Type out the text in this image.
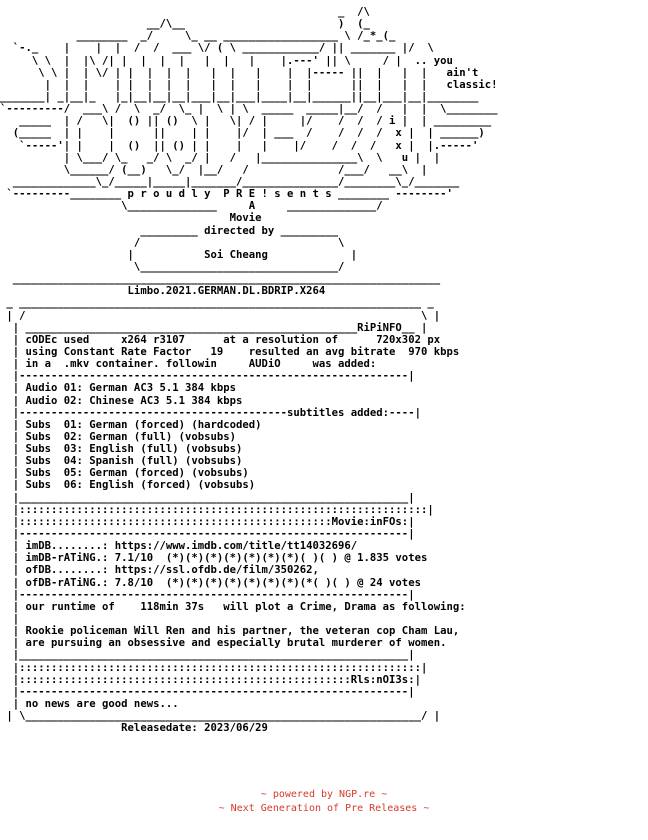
_  /\
__/\__                        )  (_
________  _/     \_ __ __________________ \ /_*_(_
`-._    |    |  |  /  /  ___ \/ ( \ ____________/ || _______ |/  \
\ \  |  |\ /| |  |  |  |   |  |   |    |.---' || \     / |  .. you
\ \ |  | \/ | |  |  |  |   |  |   |    |  |----- ||  |   |  |   ain't
|  |  |    | |  |  |  |   |  |   |    |  |      ||  |   |  |   classic!
_______| _|__|_   |_|__|__|__|___|__|___|____|__|______||__|___|__|________
`---------/  ___\ /  \  _/  \_ |  \ | \  _____  _____|__/  /   |  |  \________
_____  | /   \|  () || ()  \ |   \| / |     |/    /  /  / i |  | _________
(_____  | |    |      ||    | |    |/  | ___  /    /  /  /  x |  | ______)
`-----'| |    |  ()  || () | |    |   |    |/    /  /  /   x |  |.-----'
| \___/ \_   _/ \  _/ |   /   |_______________\  \   u |  |
\______/ (__)   \_/  |__/   /              /___/   __\  |
_____________\_/_____|_____|_______/_______________/________\_/_______
`---------________ p r o u d l y  P R E ! s e n t s ________ --------'
\______________     A     ______________/
Movie
_________ directed by _________
/                               \
|           Soi Cheang             |
\_______________________________/
___________________________________________________________________
Limbo.2021.GERMAN.DL.BDRIP.X264
_ _______________________________________________________________ _
| /                                                              \ |
| ____________________________________________________RiPiNFO__ |
| cODEc used     x264 r3107      at a resolution of      720x302 px
| using Constant Rate Factor   19    resulted an avg bitrate  970 kbps
| in a  .mkv container. followin     AUDiO     was added:
|-------------------------------------------------------------|
| Audio 01: German AC3 5.1 384 kbps
| Audio 02: Chinese AC3 5.1 384 kbps
|------------------------------------------subtitles added:----|
| Subs  01: German (forced) (hardcoded)
| Subs  02: German (full) (vobsubs)
| Subs  03: English (full) (vobsubs)
| Subs  04: Spanish (full) (vobsubs)
| Subs  05: German (forced) (vobsubs)
| Subs  06: English (forced) (vobsubs)
|_____________________________________________________________|
|::::::::::::::::::::::::::::::::::::::::::::::::::::::::::::::::|
|:::::::::::::::::::::::::::::::::::::::::::::::::Movie:inFOs:|
|-------------------------------------------------------------|
| imDB........: https://www.imdb.com/title/tt14032696/
| imDB-rATiNG.: 7.1/10  (*)(*)(*)(*)(*)(*)(*)( )( ) @ 1.835 votes
| ofDB........: https://ssl.ofdb.de/film/350262,
| ofDB-rATiNG.: 7.8/10  (*)(*)(*)(*)(*)(*)(*)(*( )( ) @ 24 votes
|-------------------------------------------------------------|
| our runtime of    118min 37s   will plot a Crime, Drama as following:
|
| Rookie policeman Will Ren and his partner, the veteran cop Cham Lau,
| are pursuing an obsessive and especially brutal murderer of women.
|_____________________________________________________________|
|:::::::::::::::::::::::::::::::::::::::::::::::::::::::::::::::|
|::::::::::::::::::::::::::::::::::::::::::::::::::::Rls:nOI3s:|
|-------------------------------------------------------------|
| no news are good news...
| \______________________________________________________________/ |
Releasedate: 2023/06/29
~ powered by NGP.re ~
~ Next Generation of Pre Releases ~
